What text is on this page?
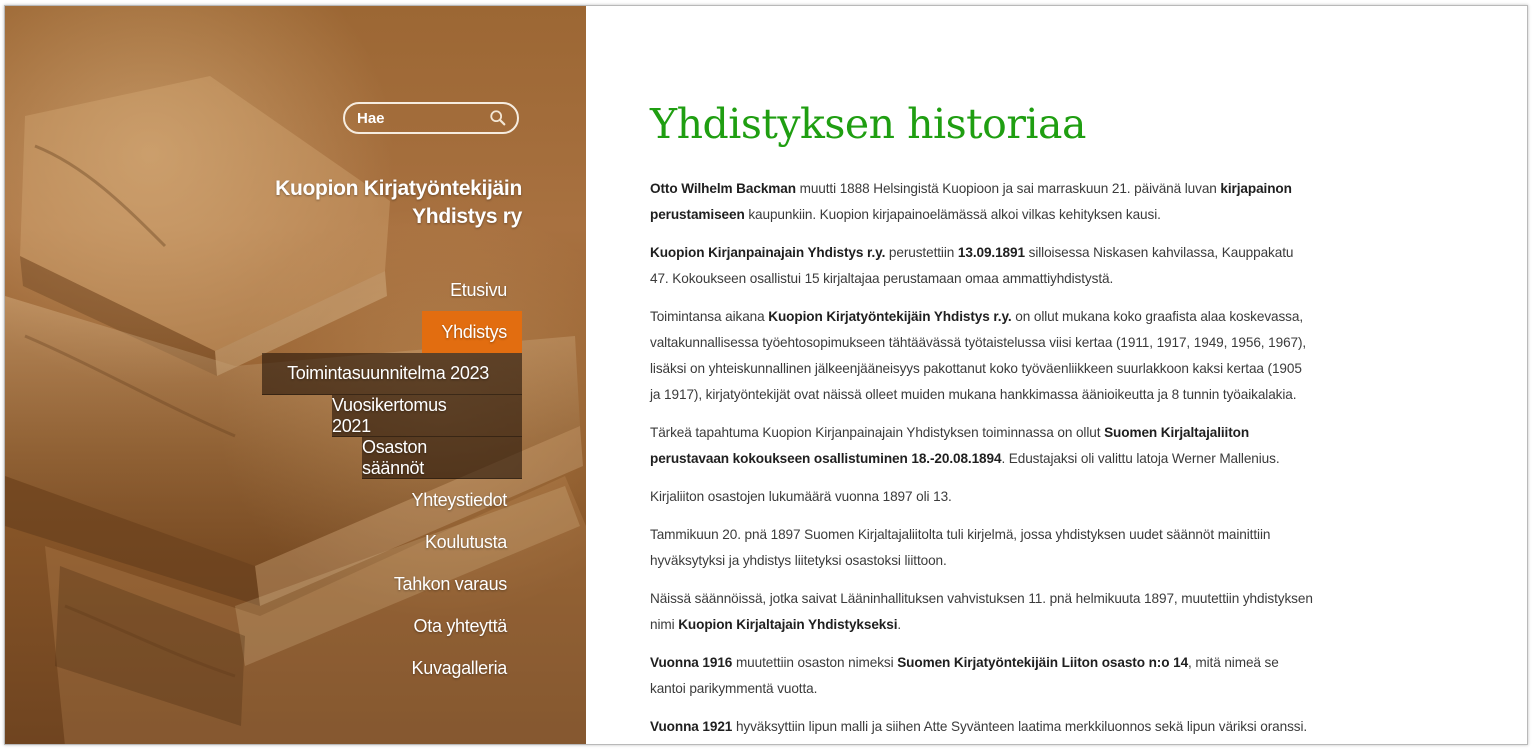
Hae
Kuopion Kirjatyöntekijäin
Yhdistys ry
Etusivu
Yhdistys
Toimintasuunnitelma 2023
Vuosikertomus 2021
Osaston säännöt
Yhteystiedot
Koulutusta
Tahkon varaus
Ota yhteyttä
Kuvagalleria
Yhdistyksen historiaa

Otto Wilhelm Backman muutti 1888 Helsingistä Kuopioon ja sai marraskuun 21. päivänä luvan kirjapainon perustamiseen kaupunkiin. Kuopion kirjapainoelämässä alkoi vilkas kehityksen kausi.

Kuopion Kirjanpainajain Yhdistys r.y. perustettiin 13.09.1891 silloisessa Niskasen kahvilassa, Kauppakatu 47. Kokoukseen osallistui 15 kirjaltajaa perustamaan omaa ammattiyhdistystä.

Toimintansa aikana Kuopion Kirjatyöntekijäin Yhdistys r.y. on ollut mukana koko graafista alaa koskevassa, valtakunnallisessa työehtosopimukseen tähtäävässä työtaistelussa viisi kertaa (1911, 1917, 1949, 1956, 1967), lisäksi on yhteiskunnallinen jälkeenjääneisyys pakottanut koko työväenliikkeen suurlakkoon kaksi kertaa (1905 ja 1917), kirjatyöntekijät ovat näissä olleet muiden mukana hankkimassa äänioikeutta ja 8 tunnin työaikalakia.

Tärkeä tapahtuma Kuopion Kirjanpainajain Yhdistyksen toiminnassa on ollut Suomen Kirjaltajaliiton perustavaan kokoukseen osallistuminen 18.-20.08.1894. Edustajaksi oli valittu latoja Werner Mallenius.

Kirjaliiton osastojen lukumäärä vuonna 1897 oli 13.

Tammikuun 20. pnä 1897 Suomen Kirjaltajaliitolta tuli kirjelmä, jossa yhdistyksen uudet säännöt mainittiin hyväksytyksi ja yhdistys liitetyksi osastoksi liittoon.

Näissä säännöissä, jotka saivat Lääninhallituksen vahvistuksen 11. pnä helmikuuta 1897, muutettiin yhdistyksen nimi Kuopion Kirjaltajain Yhdistykseksi.

Vuonna 1916 muutettiin osaston nimeksi Suomen Kirjatyöntekijäin Liiton osasto n:o 14, mitä nimeä se kantoi parikymmentä vuotta.

Vuonna 1921 hyväksyttiin lipun malli ja siihen Atte Syvänteen laatima merkkiluonnos sekä lipun väriksi oranssi.
